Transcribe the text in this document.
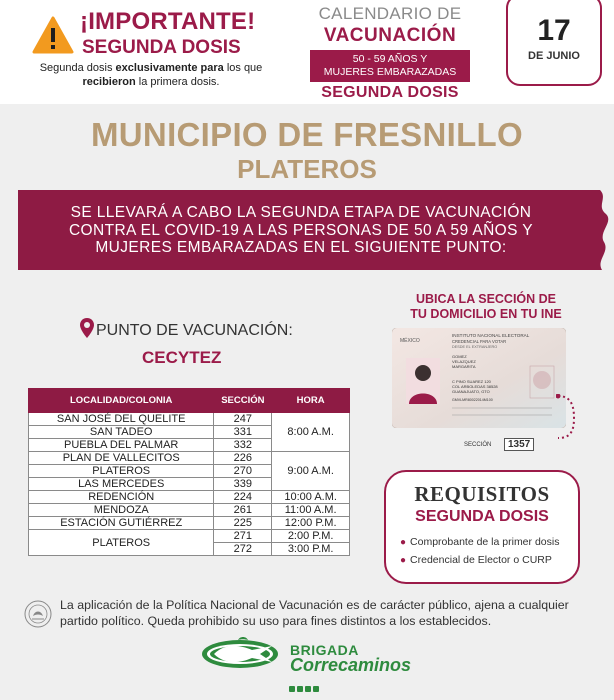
¡IMPORTANTE!
SEGUNDA DOSIS
Segunda dosis exclusivamente para los que
recibieron la primera dosis.
CALENDARIO DE
VACUNACIÓN
50 - 59 AÑOS Y
MUJERES EMBARAZADAS
SEGUNDA DOSIS
17
DE JUNIO
MUNICIPIO DE FRESNILLO
PLATEROS
SE LLEVARÁ A CABO LA SEGUNDA ETAPA DE VACUNACIÓN
CONTRA EL COVID-19 A LAS PERSONAS DE 50 A 59 AÑOS Y
MUJERES EMBARAZADAS EN EL SIGUIENTE PUNTO:
PUNTO DE VACUNACIÓN:
CECYTEZ
LOCALIDAD/COLONIA	SECCIÓN	HORA
SAN JOSÉ DEL QUELITE	247	8:00 A.M.
SAN TADEO	331	
PUEBLA DEL PALMAR	332	
PLAN DE VALLECITOS	226	9:00 A.M.
PLATEROS	270	
LAS MERCEDES	339	
REDENCIÓN	224	10:00 A.M.
MENDOZA	261	11:00 A.M.
ESTACIÓN GUTIÉRREZ	225	12:00 P.M.
PLATEROS	271	2:00 P.M.
	272	3:00 P.M.
UBICA LA SECCIÓN DE
TU DOMICILIO EN TU INE
MÉXICO
INSTITUTO NACIONAL ELECTORAL
CREDENCIAL PARA VOTAR
DESDE EL EXTRANJERO
GOMEZ
VELAZQUEZ
MARGARITA
C PINO SUAREZ 120
COL ARBOLEDAS 38528
GUANAJUATO, GTO
GMVLMR80022014M100
SECCIÓN	1357
REQUISITOS
SEGUNDA DOSIS
● Comprobante de la primer dosis
● Credencial de Elector o CURP
La aplicación de la Política Nacional de Vacunación es de carácter público, ajena a cualquier partido político. Queda prohibido su uso para fines distintos a los establecidos.
BRIGADA
Correcaminos
